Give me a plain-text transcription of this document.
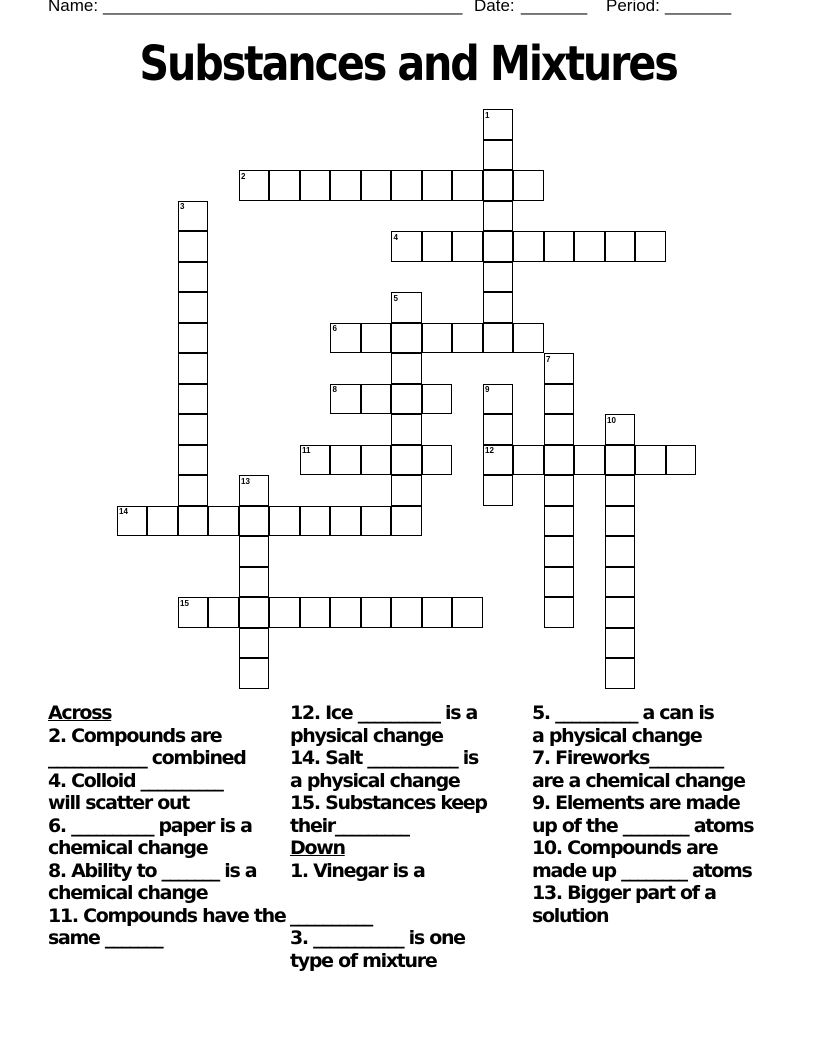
Name: ______________________________________ Date: _______ Period: _______
Substances and Mixtures
1
2
3
4
5
6
7
8	9
10
11	12
13
14
15
Across
2. Compounds are
____________ combined
4. Colloid __________
will scatter out
6. __________ paper is a
chemical change
8. Ability to _______ is a
chemical change
11. Compounds have the
same _______
12. Ice __________ is a
physical change
14. Salt ___________ is
a physical change
15. Substances keep
their_________
Down
1. Vinegar is a

__________
3. ___________ is one
type of mixture
5. __________ a can is
a physical change
7. Fireworks_________
are a chemical change
9. Elements are made
up of the ________ atoms
10. Compounds are
made up ________ atoms
13. Bigger part of a
solution
